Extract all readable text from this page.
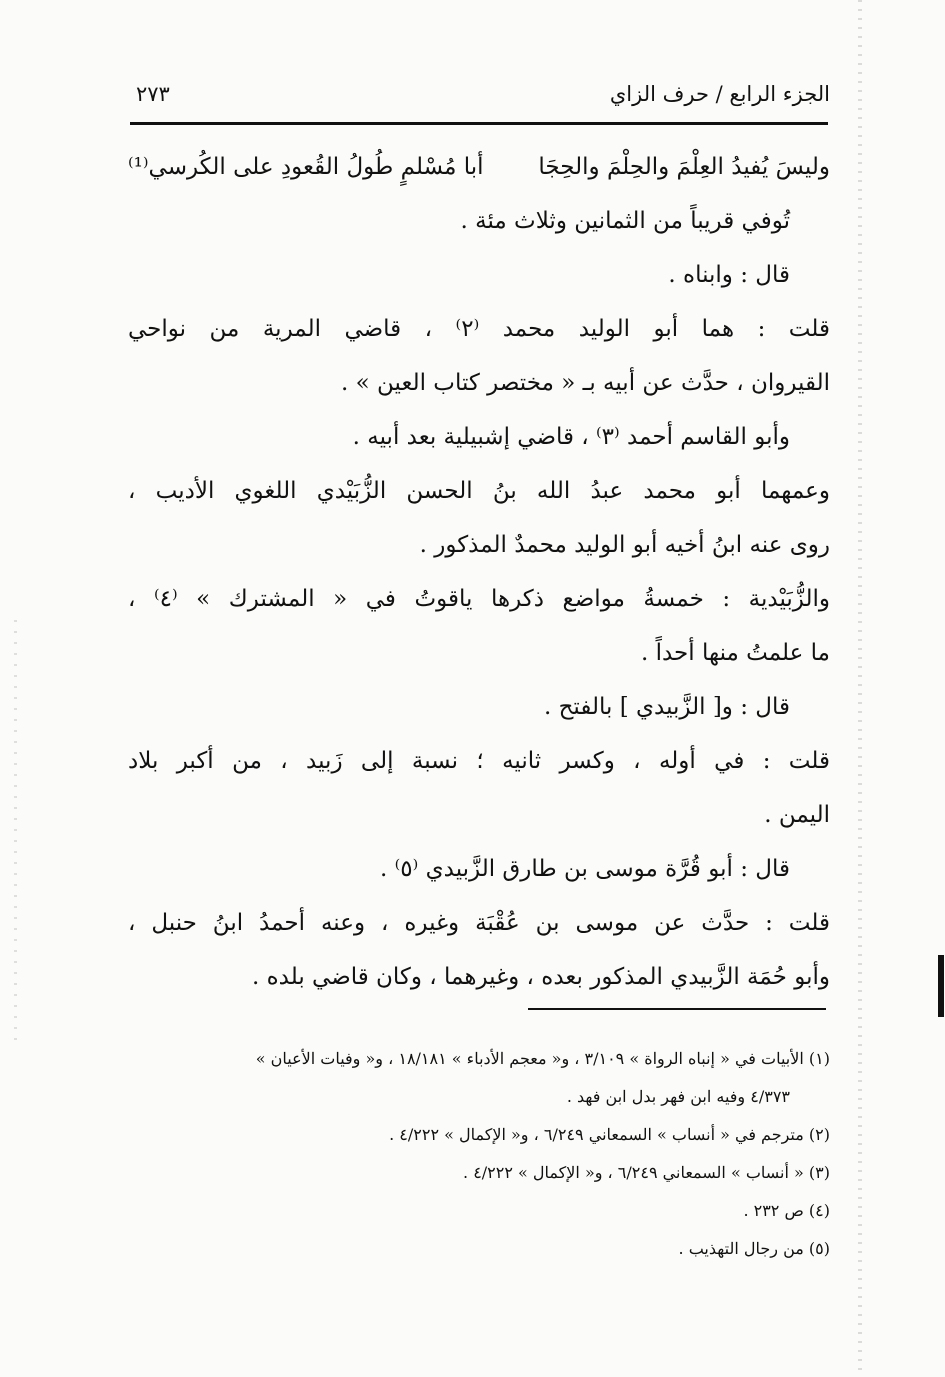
الجزء الرابع / حرف الزاي
٢٧٣
وليسَ يُفيدُ العِلْمَ والحِلْمَ والحِجَا
أبا مُسْلمٍ طُولُ القُعودِ على الكُرسي⁽¹⁾
تُوفي قريباً من الثمانين وثلاث مئة .
قال : وابناه .
قلت : هما أبو الوليد محمد ⁽٢⁾ ، قاضي المرية من نواحي
القيروان ، حدَّث عن أبيه بـ « مختصر كتاب العين » .
وأبو القاسم أحمد ⁽٣⁾ ، قاضي إشبيلية بعد أبيه .
وعمهما أبو محمد عبدُ الله بنُ الحسن الزُّبَيْدي اللغوي الأديب ،
روى عنه ابنُ أخيه أبو الوليد محمدٌ المذكور .
والزُّبَيْدية : خمسةُ مواضع ذكرها ياقوتُ في « المشترك » ⁽٤⁾ ،
ما علمتُ منها أحداً .
قال : و[ الزَّبيدي ] بالفتح .
قلت : في أوله ، وكسر ثانيه ؛ نسبة إلى زَبيد ، من أكبر بلاد
اليمن .
قال : أبو قُرَّة موسى بن طارق الزَّبيدي ⁽٥⁾ .
قلت : حدَّث عن موسى بن عُقْبَة وغيره ، وعنه أحمدُ ابنُ حنبل ،
وأبو حُمَة الزَّبيدي المذكور بعده ، وغيرهما ، وكان قاضي بلده .
(١) الأبيات في « إنباه الرواة » ٣/١٠٩ ، و« معجم الأدباء » ١٨/١٨١ ، و« وفيات الأعيان »
٤/٣٧٣ وفيه ابن فهر بدل ابن فهد .
(٢) مترجم في « أنساب » السمعاني ٦/٢٤٩ ، و« الإكمال » ٤/٢٢٢ .
(٣) « أنساب » السمعاني ٦/٢٤٩ ، و« الإكمال » ٤/٢٢٢ .
(٤) ص ٢٣٢ .
(٥) من رجال التهذيب .
